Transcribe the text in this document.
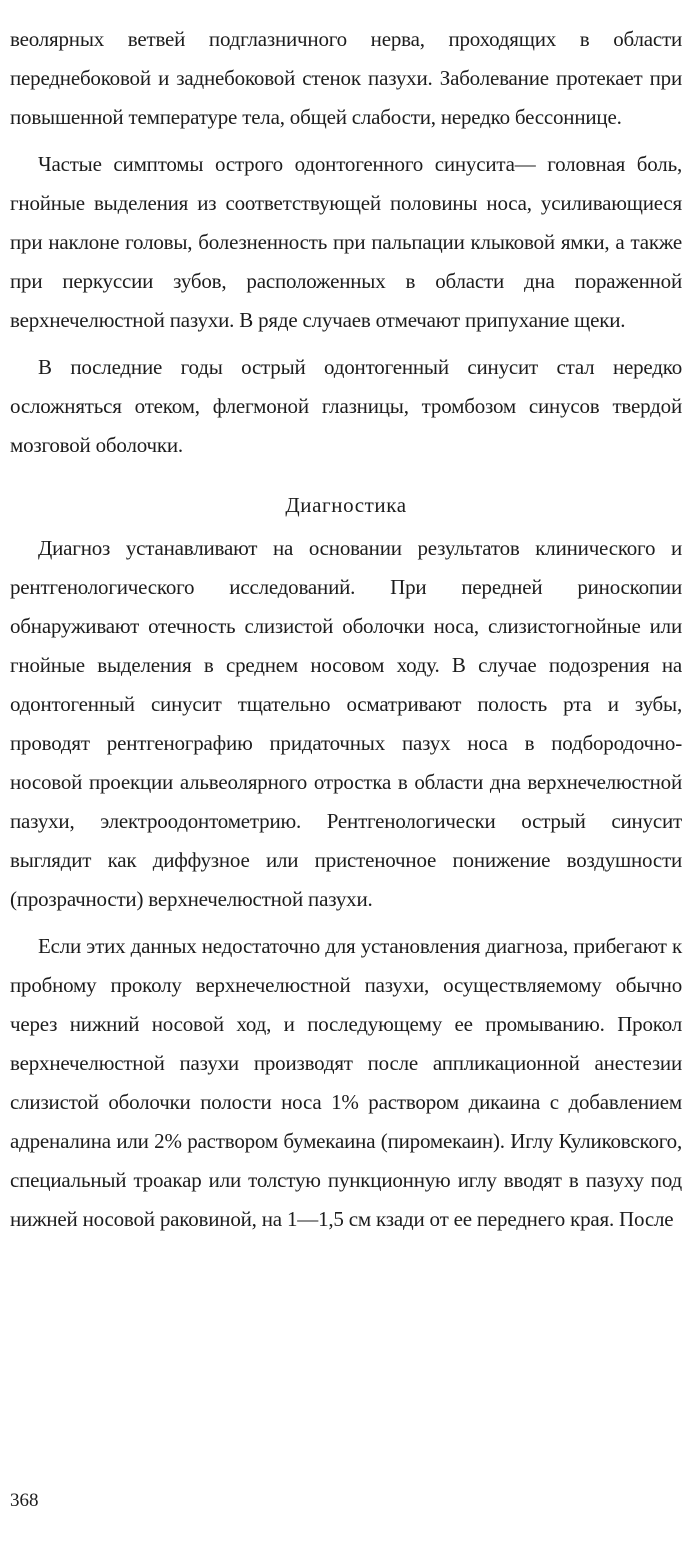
веолярных ветвей подглазничного нерва, проходящих в области переднебоковой и заднебоковой стенок пазухи. Заболевание протекает при повышенной температуре тела, общей слабости, нередко бессоннице.

Частые симптомы острого одонтогенного синусита— головная боль, гнойные выделения из соответствующей половины носа, усиливающиеся при наклоне головы, болезненность при пальпации клыковой ямки, а также при перкуссии зубов, расположенных в области дна пораженной верхнечелюстной пазухи. В ряде случаев отмечают припухание щеки.

В последние годы острый одонтогенный синусит стал нередко осложняться отеком, флегмоной глазницы, тромбозом синусов твердой мозговой оболочки.

Диагностика

Диагноз устанавливают на основании результатов клинического и рентгенологического исследований. При передней риноскопии обнаруживают отечность слизистой оболочки носа, слизистогнойные или гнойные выделения в среднем носовом ходу. В случае подозрения на одонтогенный синусит тщательно осматривают полость рта и зубы, проводят рентгенографию придаточных пазух носа в подбородочно-носовой проекции альвеолярного отростка в области дна верхнечелюстной пазухи, электроодонтометрию. Рентгенологически острый синусит выглядит как диффузное или пристеночное понижение воздушности (прозрачности) верхнечелюстной пазухи.

Если этих данных недостаточно для установления диагноза, прибегают к пробному проколу верхнечелюстной пазухи, осуществляемому обычно через нижний носовой ход, и последующему ее промыванию. Прокол верхнечелюстной пазухи производят после аппликационной анестезии слизистой оболочки полости носа 1% раствором дикаина с добавлением адреналина или 2% раствором бумекаина (пиромекаин). Иглу Куликовского, специальный троакар или толстую пункционную иглу вводят в пазуху под нижней носовой раковиной, на 1—1,5 см кзади от ее переднего края. После

368
